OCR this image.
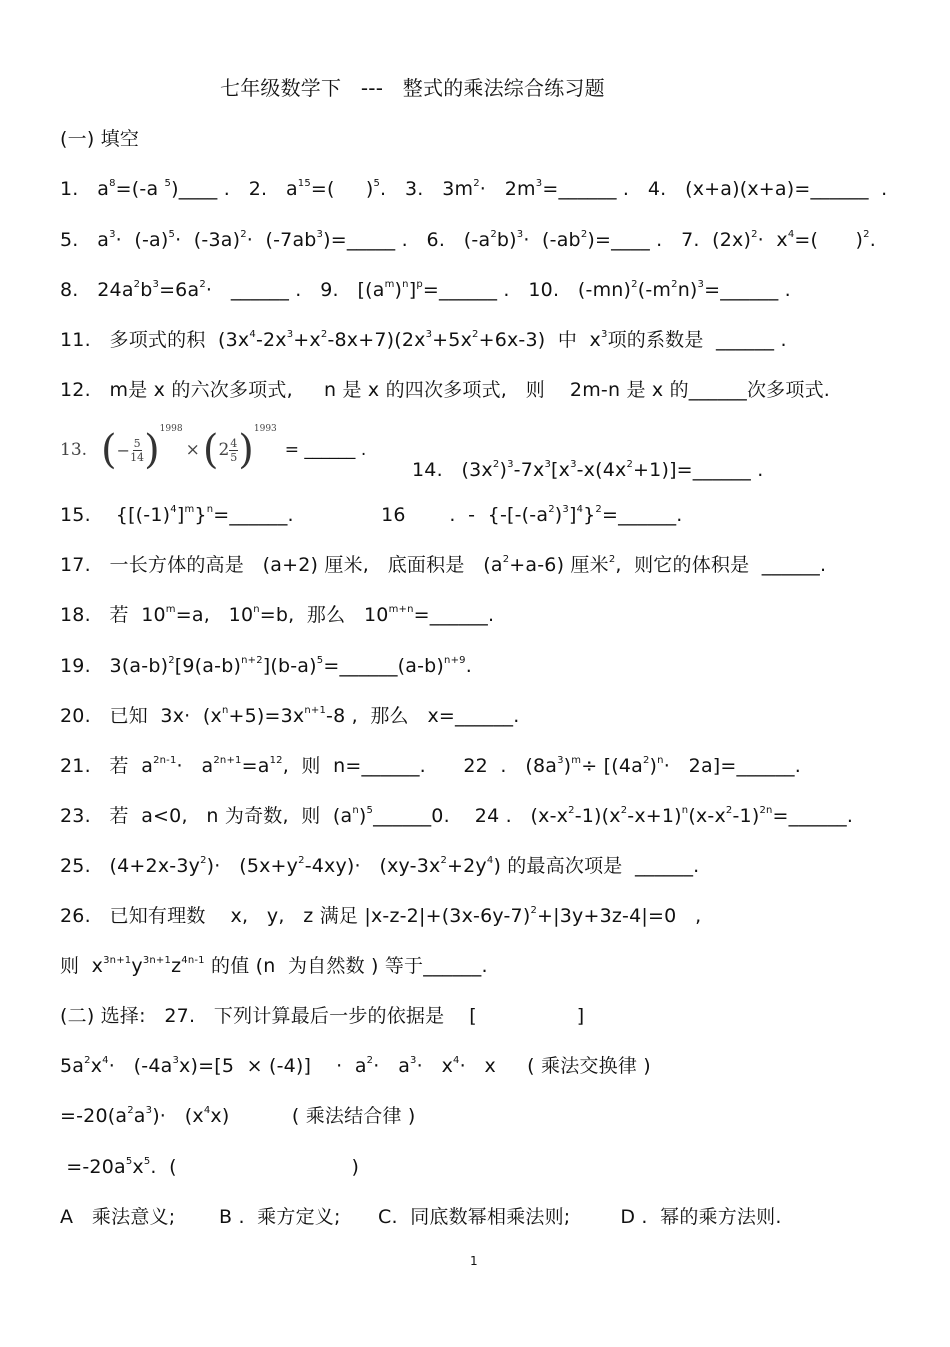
七年级数学下   ---   整式的乘法综合练习题
(一) 填空
1.   $a^8=(-a$ $^5$)____ .   2.   $a^{15}=$(     )$^5$.   3.   $3m^2\cdot$   $2m^3=\_\_\_\_\_\_$ .   4.   (x+a)(x+a)=______  .
5.   $a^3\cdot (-a)^5\cdot (-3a)^2\cdot$  $(-7ab^3)=\_\_\_\_\_$ .   6.   $(-a^2b)^3\cdot$  $(-ab^2)=\_\_\_\_$ .   7.  $(2x)^2\cdot x^4=$(      )$^2$.
8.   $24a^2b^3=6a^2\cdot$   ______ .   9.   $[(a^m)^n]^p=\_\_\_\_\_\_$ .   10.   $(-mn)^2(-m^2n)^3=\_\_\_\_\_\_$ .
11.   多项式的积  $(3x^4-2x^3+x^2-8x+7)(2x^3+5x^2+6x-3)$  中  $x^3$项的系数是  ______ .
12.   m是 x 的六次多项式,     n 是 x 的四次多项式,   则    2m-n 是 x 的______次多项式.
13. ( − $\frac{5}{14}$ ) 1998
× ( $2 \frac{4}{5}$ ) 1993
= ______ .
14.   $(3x^2)^3-7x^3[x^3-x(4x^2+1)]=\_\_\_\_\_\_$ .
15.    $\{[(-1)^4]^m\}^n=\_\_\_\_\_\_$.              16       .  -  $\{-[-(-a^2)^3]^4\}^2=\_\_\_\_\_\_$.
17.   一长方体的高是   (a+2) 厘米,   底面积是   $(a^2+a-6)$ 厘米$^2$,  则它的体积是  ______.
18.   若  $10^m=a$,   $10^n=b$,  那么   $10^{m+n}=\_\_\_\_\_\_$.
19.   $3(a-b)^2[9(a-b)^{n+2}](b-a)^5=\_\_\_\_\_\_(a-b)^{n+9}$.
20.   已知  $3x\cdot (x^n+5)=3x^{n+1}-8$ ,  那么   x=______.
21.   若  $a^{2n-1}\cdot a^{2n+1}=a^{12}$,  则  n=______.      22  .   $(8a^3)^m\div [(4a^2)^n\cdot$   2a]=______.
23.   若  a<0,   n 为奇数,  则  $(a^n)^5\_\_\_\_\_\_0$.    24 .   $(x-x^2-1)(x^2-x+1)^n(x-x^2-1)^{2n}=\_\_\_\_\_\_$.
25.   $(4+2x-3y^2)\cdot (5x+y^2-4xy)\cdot (xy-3x^2+2y^4)$ 的最高次项是  ______.
26.   已知有理数    x,   y,   z 满足 $|x-z-2|+(3x-6y-7)^2+|3y+3z-4|=0$   ,
则  $x^{3n+1}y^{3n+1}z^{4n-1}$ 的值 (n  为自然数 ) 等于______.
(二) 选择:   27.   下列计算最后一步的依据是    [                ]
$5a^2x^4\cdot (-4a^3x)=[5 \times (-4)]$    ·  $a^2\cdot a^3\cdot x^4\cdot x$     ( 乘法交换律 )
$=-20(a^2a^3)\cdot (x^4x)$          ( 乘法结合律 )
$=-20a^5x^5$.  (                            )
A   乘法意义;       B .  乘方定义;      C.  同底数幂相乘法则;        D .  幂的乘方法则.
1
